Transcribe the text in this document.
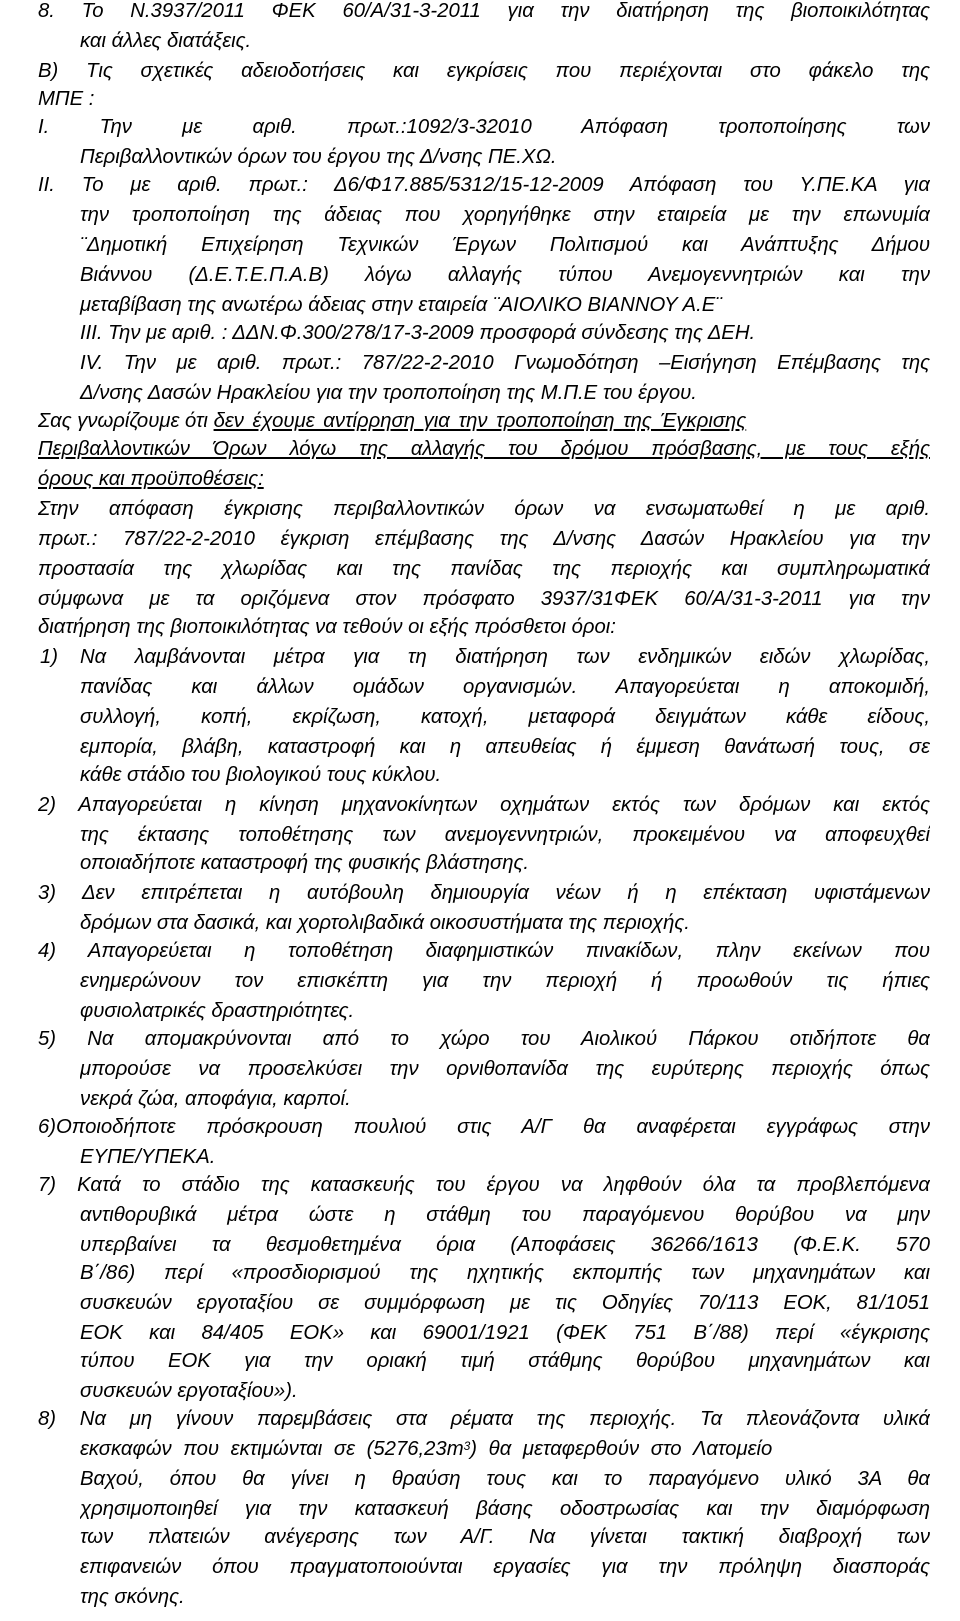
8. Το Ν.3937/2011 ΦΕΚ 60/Α/31-3-2011 για την διατήρηση της βιοποικιλότητας
και άλλες διατάξεις.
Β) Τις σχετικές αδειοδοτήσεις και εγκρίσεις που περιέχονται στο φάκελο της
ΜΠΕ :
Ι. Την με αριθ. πρωτ.:1092/3-32010 Απόφαση τροποποίησης των
Περιβαλλοντικών όρων του έργου της Δ/νσης ΠΕ.ΧΩ.
ΙΙ. Το με αριθ. πρωτ.: Δ6/Φ17.885/5312/15-12-2009 Απόφαση του Υ.ΠΕ.ΚΑ για
την τροποποίηση της άδειας που χορηγήθηκε στην εταιρεία με την επωνυμία
¨Δημοτική Επιχείρηση Τεχνικών Έργων Πολιτισμού και Ανάπτυξης Δήμου
Βιάννου (Δ.Ε.Τ.Ε.Π.Α.Β) λόγω αλλαγής τύπου Ανεμογεννητριών και την
μεταβίβαση της ανωτέρω άδειας στην εταιρεία ¨ΑΙΟΛΙΚΟ ΒΙΑΝΝΟΥ Α.Ε¨
ΙΙΙ. Την με αριθ. : ΔΔΝ.Φ.300/278/17-3-2009 προσφορά σύνδεσης της ΔΕΗ.
ΙV. Την με αριθ. πρωτ.: 787/22-2-2010 Γνωμοδότηση –Εισήγηση Επέμβασης της
Δ/νσης Δασών Ηρακλείου για την τροποποίηση της Μ.Π.Ε του έργου.
Σας γνωρίζουμε ότι δεν έχουμε αντίρρηση για την τροποποίηση της Έγκρισης
Περιβαλλοντικών Όρων λόγω της αλλαγής του δρόμου πρόσβασης, με τους εξής
όρους και προϋποθέσεις:
Στην απόφαση έγκρισης περιβαλλοντικών όρων να ενσωματωθεί η με αριθ.
πρωτ.: 787/22-2-2010 έγκριση επέμβασης της Δ/νσης Δασών Ηρακλείου για την
προστασία της χλωρίδας και της πανίδας της περιοχής και συμπληρωματικά
σύμφωνα με τα οριζόμενα στον πρόσφατο 3937/31ΦΕΚ 60/Α/31-3-2011 για την
διατήρηση της βιοποικιλότητας να τεθούν οι εξής πρόσθετοι όροι:
1) Να λαμβάνονται μέτρα για τη διατήρηση των ενδημικών ειδών χλωρίδας,
πανίδας και άλλων ομάδων οργανισμών. Απαγορεύεται η αποκομιδή,
συλλογή, κοπή, εκρίζωση, κατοχή, μεταφορά δειγμάτων κάθε είδους,
εμπορία, βλάβη, καταστροφή και η απευθείας ή έμμεση θανάτωσή τους, σε
κάθε στάδιο του βιολογικού τους κύκλου.
2) Απαγορεύεται η κίνηση μηχανοκίνητων οχημάτων εκτός των δρόμων και εκτός
της έκτασης τοποθέτησης των ανεμογεννητριών, προκειμένου να αποφευχθεί
οποιαδήποτε καταστροφή της φυσικής βλάστησης.
3) Δεν επιτρέπεται η αυτόβουλη δημιουργία νέων ή η επέκταση υφιστάμενων
δρόμων στα δασικά, και χορτολιβαδικά οικοσυστήματα της περιοχής.
4) Απαγορεύεται η τοποθέτηση διαφημιστικών πινακίδων, πλην εκείνων που
ενημερώνουν τον επισκέπτη για την περιοχή ή προωθούν τις ήπιες
φυσιολατρικές δραστηριότητες.
5) Να απομακρύνονται από το χώρο του Αιολικού Πάρκου οτιδήποτε θα
μπορούσε να προσελκύσει την ορνιθοπανίδα της ευρύτερης περιοχής όπως
νεκρά ζώα, αποφάγια, καρποί.
6)Οποιοδήποτε πρόσκρουση πουλιού στις Α/Γ θα αναφέρεται εγγράφως στην
ΕΥΠΕ/ΥΠΕΚΑ.
7) Κατά το στάδιο της κατασκευής του έργου να ληφθούν όλα τα προβλεπόμενα
αντιθορυβικά μέτρα ώστε η στάθμη του παραγόμενου θορύβου να μην
υπερβαίνει τα θεσμοθετημένα όρια (Αποφάσεις 36266/1613 (Φ.Ε.Κ. 570
Β΄/86) περί «προσδιορισμού της ηχητικής εκπομπής των μηχανημάτων και
συσκευών εργοταξίου σε συμμόρφωση με τις Οδηγίες 70/113 ΕΟΚ, 81/1051
ΕΟΚ και 84/405 ΕΟΚ» και 69001/1921 (ΦΕΚ 751 Β΄/88) περί «έγκρισης
τύπου ΕΟΚ για την οριακή τιμή στάθμης θορύβου μηχανημάτων και
συσκευών εργοταξίου»).
8) Να μη γίνουν παρεμβάσεις στα ρέματα της περιοχής. Τα πλεονάζοντα υλικά
εκσκαφών που εκτιμώνται σε $(5276,23m^3)$ θα μεταφερθούν στο Λατομείο
Βαχού, όπου θα γίνει η θραύση τους και το παραγόμενο υλικό 3Α θα
χρησιμοποιηθεί για την κατασκευή βάσης οδοστρωσίας και την διαμόρφωση
των πλατειών ανέγερσης των Α/Γ. Να γίνεται τακτική διαβροχή των
επιφανειών όπου πραγματοποιούνται εργασίες για την πρόληψη διασποράς
της σκόνης.
